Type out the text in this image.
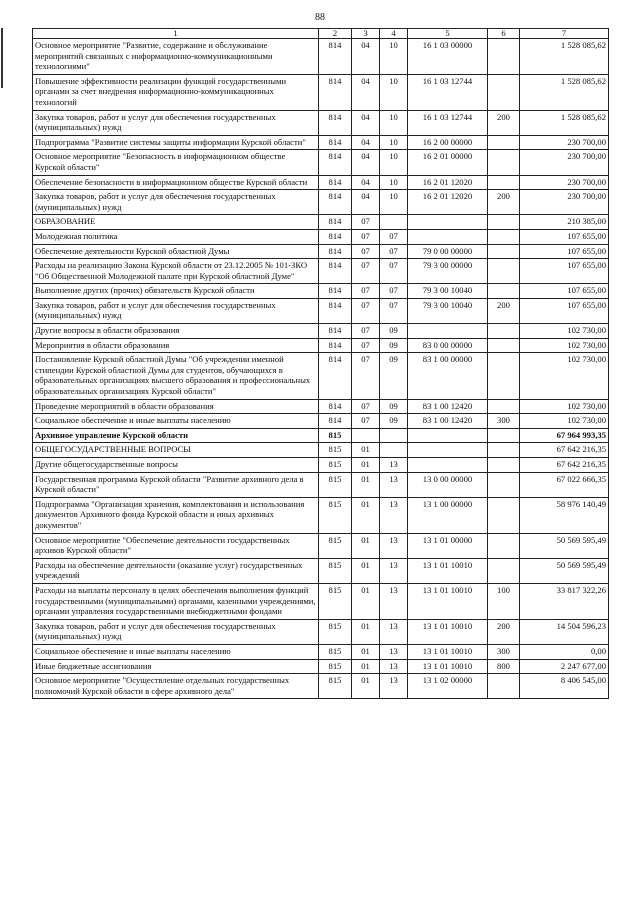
88
1	2	3	4	5	6	7
Основное мероприятие "Развитие, содержание и обслуживание мероприятий связанных с информационно-коммуникационными технологиями"	814	04	10	16 1 03 00000		1 528 085,62
Повышение эффективности реализации функций государственными органами за счет внедрения информационно-коммуникационных технологий	814	04	10	16 1 03 12744		1 528 085,62
Закупка товаров, работ и услуг для обеспечения государственных (муниципальных) нужд	814	04	10	16 1 03 12744	200	1 528 085,62
Подпрограмма "Развитие системы защиты информации Курской области"	814	04	10	16 2 00 00000		230 700,00
Основное мероприятие "Безопасность в информационном обществе Курской области"	814	04	10	16 2 01 00000		230 700,00
Обеспечение безопасности в информационном обществе Курской области	814	04	10	16 2 01 12020		230 700,00
Закупка товаров, работ и услуг для обеспечения государственных (муниципальных) нужд	814	04	10	16 2 01 12020	200	230 700,00
ОБРАЗОВАНИЕ	814	07				210 385,00
Молодежная политика	814	07	07			107 655,00
Обеспечение деятельности Курской областной Думы	814	07	07	79 0 00 00000		107 655,00
Расходы на реализацию Закона Курской области от 23.12.2005 № 101-ЗКО "Об Общественной Молодежной палате при Курской областной Думе"	814	07	07	79 3 00 00000		107 655,00
Выполнение других (прочих) обязательств Курской области	814	07	07	79 3 00 10040		107 655,00
Закупка товаров, работ и услуг для обеспечения государственных (муниципальных) нужд	814	07	07	79 3 00 10040	200	107 655,00
Другие вопросы в области образования	814	07	09			102 730,00
Мероприятия в области образования	814	07	09	83 0 00 00000		102 730,00
Постановление Курской областной Думы "Об учреждении именной стипендии Курской областной Думы для студентов, обучающихся в образовательных организациях высшего образования и профессиональных образовательных организациях Курской области"	814	07	09	83 1 00 00000		102 730,00
Проведение мероприятий в области образования	814	07	09	83 1 00 12420		102 730,00
Социальное обеспечение и иные выплаты населению	814	07	09	83 1 00 12420	300	102 730,00
Архивное управление Курской области	815					67 964 993,35
ОБЩЕГОСУДАРСТВЕННЫЕ ВОПРОСЫ	815	01				67 642 216,35
Другие общегосударственные вопросы	815	01	13			67 642 216,35
Государственная программа Курской области "Развитие архивного дела в Курской области"	815	01	13	13 0 00 00000		67 022 666,35
Подпрограмма "Организация хранения, комплектования и использования документов Архивного фонда Курской области и иных архивных документов"	815	01	13	13 1 00 00000		58 976 140,49
Основное мероприятие "Обеспечение деятельности государственных архивов Курской области"	815	01	13	13 1 01 00000		50 569 595,49
Расходы на обеспечение деятельности (оказание услуг) государственных учреждений	815	01	13	13 1 01 10010		50 569 595,49
Расходы на выплаты персоналу в целях обеспечения выполнения функций государственными (муниципальными) органами, казенными учреждениями, органами управления государственными внебюджетными фондами	815	01	13	13 1 01 10010	100	33 817 322,26
Закупка товаров, работ и услуг для обеспечения государственных (муниципальных) нужд	815	01	13	13 1 01 10010	200	14 504 596,23
Социальное обеспечение и иные выплаты населению	815	01	13	13 1 01 10010	300	0,00
Иные бюджетные ассигнования	815	01	13	13 1 01 10010	800	2 247 677,00
Основное мероприятие "Осуществление отдельных государственных полномочий Курской области в сфере архивного дела"	815	01	13	13 1 02 00000		8 406 545,00
